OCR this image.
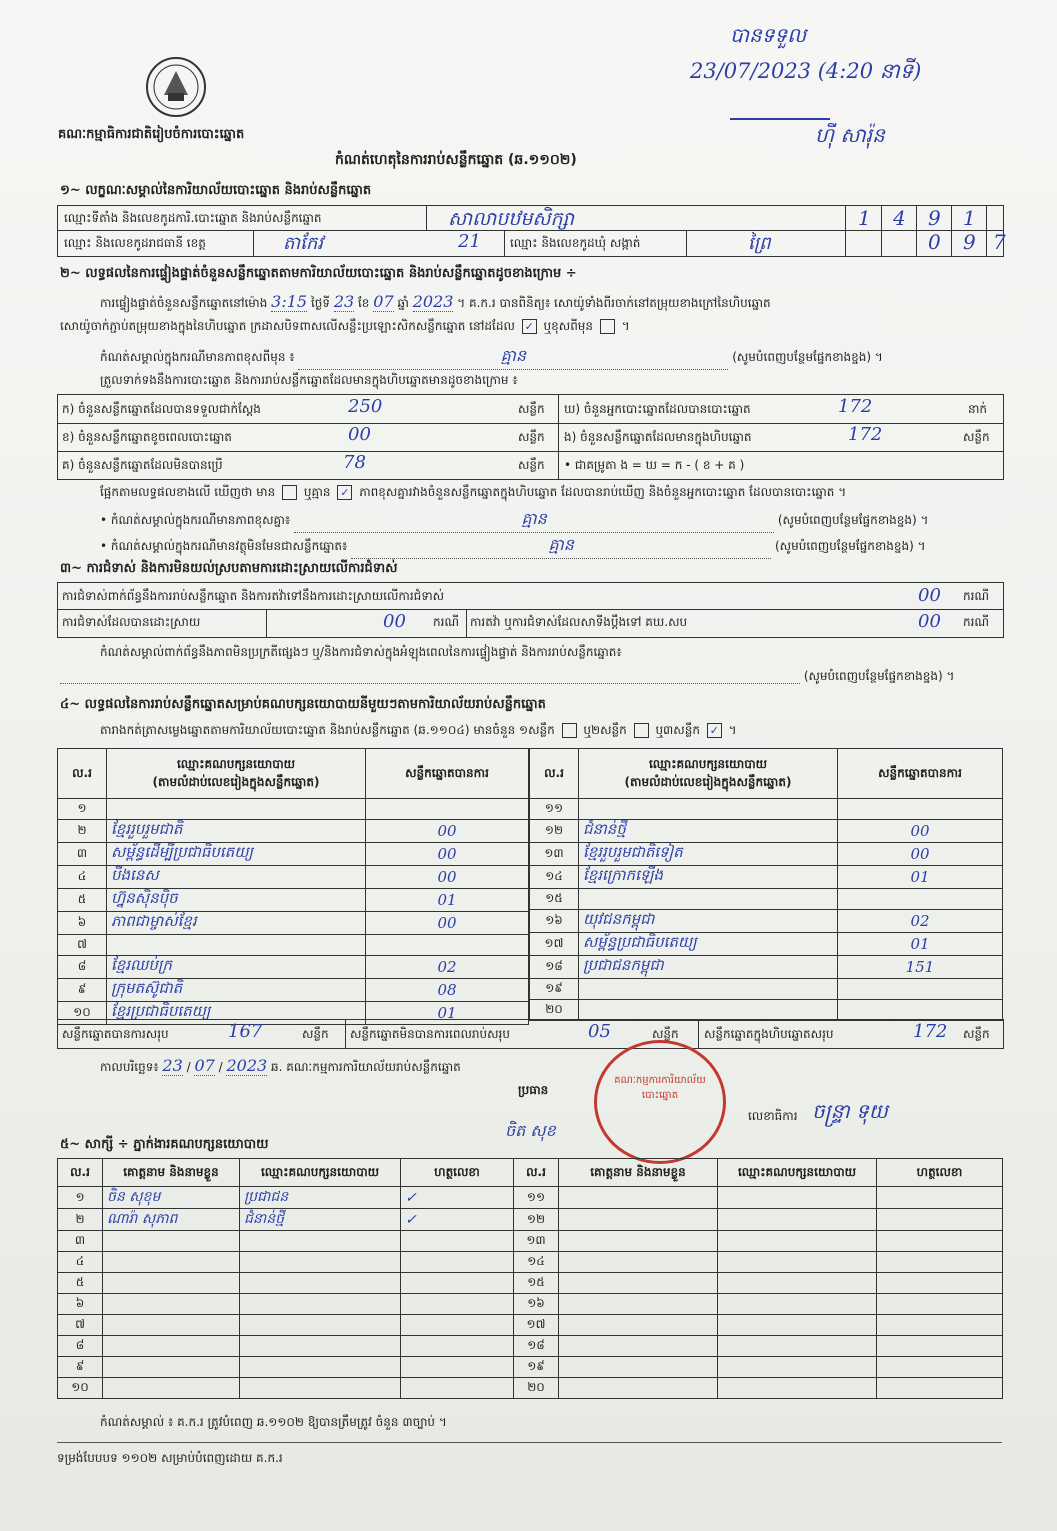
គណៈកម្មាធិការជាតិរៀបចំការបោះឆ្នោត
កំណត់ហេតុនៃការរាប់សន្លឹកឆ្នោត (ឆ.១១០២)
បានទទួល
23/07/2023 (4:20 នាទី)
ហ៊ី សារ៉ុន
១~ លក្ខណៈសម្គាល់នៃការិយាល័យបោះឆ្នោត និងរាប់សន្លឹកឆ្នោត
ឈ្មោះទីតាំង និងលេខកូដការិ.បោះឆ្នោត និងរាប់សន្លឹកឆ្នោត	សាលាបឋមសិក្សា	1 4 9 1
ឈ្មោះ និងលេខកូដរាជធានី ខេត្ត	តាកែវ	21 ឈ្មោះ និងលេខកូដឃុំ សង្កាត់	ព្រៃ	0 9 7
២~ លទ្ធផលនៃការផ្ទៀងផ្ទាត់ចំនួនសន្លឹកឆ្នោតតាមការិយាល័យបោះឆ្នោត និងរាប់សន្លឹកឆ្នោតដូចខាងក្រោម ÷
ការផ្ទៀងផ្ទាត់ចំនួនសន្លឹកឆ្នោតនៅម៉ោង 3:15 ថ្ងៃទី 23 ខែ 07 ឆ្នាំ 2023 ។ គ.ក.រ បានពិនិត្យ៖ សោយ៉ូទាំងពីរចាក់នៅតម្រុយខាងក្រៅនៃហិបឆ្នោត
សោយ៉ូចាក់ភ្ជាប់តម្រុយខាងក្នុងនៃហិបឆ្នោត ក្រដាសបិទពាសលើសន្លឹះប្រឡោះសិកសន្លឹកឆ្នោត នៅដដែល ✓ ឬខុសពីមុន  ។
កំណត់សម្គាល់ក្នុងករណីមានភាពខុសពីមុន ៖	គ្មាន	(សូមបំពេញបន្ថែមផ្នែកខាងខ្នង) ។
ត្រួលទាក់ទងនឹងការបោះឆ្នោត និងការរាប់សន្លឹកឆ្នោតដែលមានក្នុងហិបឆ្នោតមានដូចខាងក្រោម ៖
ក) ចំនួនសន្លឹកឆ្នោតដែលបានទទួលជាក់ស្តែង	250	សន្លឹក
ខ) ចំនួនសន្លឹកឆ្នោតខូចពេលបោះឆ្នោត	00	សន្លឹក
គ) ចំនួនសន្លឹកឆ្នោតដែលមិនបានប្រើ	78	សន្លឹក
ឃ) ចំនួនអ្នកបោះឆ្នោតដែលបានបោះឆ្នោត	172	នាក់
ង) ចំនួនសន្លឹកឆ្នោតដែលមានក្នុងហិបឆ្នោត	172	សន្លឹក
• ជាគម្រូតា ង = ឃ = ក - ( ខ + គ )
ផ្អែកតាមលទ្ធផលខាងលើ ឃើញថា មាន ឬគ្មាន ✓ ភាពខុសគ្នារវាងចំនួនសន្លឹកឆ្នោតក្នុងហិបឆ្នោត ដែលបានរាប់ឃើញ និងចំនួនអ្នកបោះឆ្នោត ដែលបានបោះឆ្នោត ។
• កំណត់សម្គាល់ក្នុងករណីមានភាពខុសគ្នា៖	គ្មាន	(សូមបំពេញបន្ថែមផ្នែកខាងខ្នង) ។
• កំណត់សម្គាល់ក្នុងករណីមានវត្ថុមិនមែនជាសន្លឹកឆ្នោត៖	គ្មាន	(សូមបំពេញបន្ថែមផ្នែកខាងខ្នង) ។
៣~ ការជំទាស់ និងការមិនយល់ស្របតាមការដោះស្រាយលើការជំទាស់
ការជំទាស់ពាក់ព័ន្ធនឹងការរាប់សន្លឹកឆ្នោត និងការតវ៉ាទៅនឹងការដោះស្រាយលើការជំទាស់	00 ករណី
ការជំទាស់ដែលបានដោះស្រាយ	00 ករណី ការតវ៉ា ឬការជំទាស់ដែលសាទីងប្តឹងទៅ គឃ.សប	00 ករណី
កំណត់សម្គាល់ពាក់ព័ន្ធនឹងភាពមិនប្រក្រតីផ្សេងៗ ឬ/និងការជំទាស់ក្នុងអំឡុងពេលនៃការផ្ទៀងផ្ទាត់ និងការរាប់សន្លឹកឆ្នោត៖
(សូមបំពេញបន្ថែមផ្នែកខាងខ្នង) ។
៤~ លទ្ធផលនៃការរាប់សន្លឹកឆ្នោតសម្រាប់គណបក្សនយោបាយនីមួយៗតាមការិយាល័យរាប់សន្លឹកឆ្នោត
តារាងកត់ត្រាសម្លេងឆ្នោតតាមការិយាល័យបោះឆ្នោត និងរាប់សន្លឹកឆ្នោត (ឆ.១១០៤) មានចំនួន ១សន្លឹក ឬ២សន្លឹក ឬ៣សន្លឹក ✓ ។
ល.រ	ឈ្មោះគណបក្សនយោបាយ
(តាមលំដាប់លេខរៀងក្នុងសន្លឹកឆ្នោត)	សន្លឹកឆ្នោតបានការ
១		
២	ខ្មែររួបរួមជាតិ	00
៣	សម្ព័ន្ធដើម្បីប្រជាធិបតេយ្យ	00
៤	បីងនេស	00
៥	ហ្វ៊ុនស៊ិនប៉ិច	01
៦	ភាពជាម្ចាស់ខ្មែរ	00
៧		
៨	ខ្មែរឈប់ក្រ	02
៩	ក្រុមតស៊ូជាតិ	08
១០	ខ្មែរប្រជាធិបតេយ្យ	01
ល.រ	ឈ្មោះគណបក្សនយោបាយ
(តាមលំដាប់លេខរៀងក្នុងសន្លឹកឆ្នោត)	សន្លឹកឆ្នោតបានការ
១១		
១២	ជំនាន់ថ្មី	00
១៣	ខ្មែររួបរួមជាតិទៀត	00
១៤	ខ្មែរក្រោកឡើង	01
១៥		
១៦	យុវជនកម្ពុជា	02
១៧	សម្ព័ន្ធប្រជាធិបតេយ្យ	01
១៨	ប្រជាជនកម្ពុជា	151
១៩		
២០		
សន្លឹកឆ្នោតបានការសរុប	167	សន្លឹក សន្លឹកឆ្នោតមិនបានការពេលរាប់សរុប	05	សន្លឹក សន្លឹកឆ្នោតក្នុងហិបឆ្នោតសរុប	172 សន្លឹក
កាលបរិច្ឆេទ៖ 23 / 07 / 2023 ឆ. គណៈកម្មការការិយាល័យរាប់សន្លឹកឆ្នោត
ប្រធាន
ចិត សុខ
គណៈកម្មការការិយាល័យបោះឆ្នោត
លេខាធិការ ចន្ទ្រា ទុយ
៥~ សាក្សី ÷ ភ្នាក់ងារគណបក្សនយោបាយ
ល.រ	គោត្តនាម និងនាមខ្លួន	ឈ្មោះគណបក្សនយោបាយ	ហត្ថលេខា	ល.រ	គោត្តនាម និងនាមខ្លួន	ឈ្មោះគណបក្សនយោបាយ	ហត្ថលេខា
១	ចិន សុខុម	ប្រជាជន	✓	១១			
២	ណារ៉ា សុភាព	ជំនាន់ថ្មី	✓	១២			
៣				១៣			
៤				១៤			
៥				១៥			
៦				១៦			
៧				១៧			
៨				១៨			
៩				១៩			
១០				២០			
កំណត់សម្គាល់ ៖ គ.ក.រ ត្រូវបំពេញ ឆ.១១០២ ឱ្យបានត្រឹមត្រូវ ចំនួន ៣ច្បាប់ ។
ទម្រង់បែបបទ ១១០២ សម្រាប់បំពេញដោយ គ.ក.រ
